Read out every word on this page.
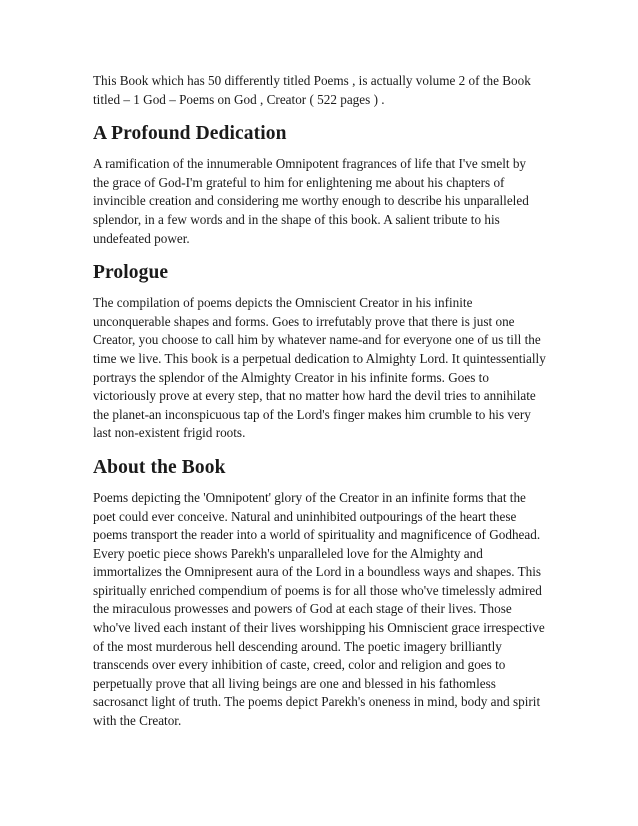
This Book which has 50 differently titled Poems , is actually volume 2 of the Book
titled – 1 God – Poems on God , Creator ( 522 pages ) .

A Profound Dedication

A ramification of the innumerable Omnipotent fragrances of life that I've smelt by
the grace of God-I'm grateful to him for enlightening me about his chapters of
invincible creation and considering me worthy enough to describe his unparalleled
splendor, in a few words and in the shape of this book. A salient tribute to his
undefeated power.

Prologue

The compilation of poems depicts the Omniscient Creator in his infinite
unconquerable shapes and forms. Goes to irrefutably prove that there is just one
Creator, you choose to call him by whatever name-and for everyone one of us till the
time we live. This book is a perpetual dedication to Almighty Lord. It quintessentially
portrays the splendor of the Almighty Creator in his infinite forms. Goes to
victoriously prove at every step, that no matter how hard the devil tries to annihilate
the planet-an inconspicuous tap of the Lord's finger makes him crumble to his very
last non-existent frigid roots.

About the Book

Poems depicting the 'Omnipotent' glory of the Creator in an infinite forms that the
poet could ever conceive. Natural and uninhibited outpourings of the heart these
poems transport the reader into a world of spirituality and magnificence of Godhead.
Every poetic piece shows Parekh's unparalleled love for the Almighty and
immortalizes the Omnipresent aura of the Lord in a boundless ways and shapes. This
spiritually enriched compendium of poems is for all those who've timelessly admired
the miraculous prowesses and powers of God at each stage of their lives. Those
who've lived each instant of their lives worshipping his Omniscient grace irrespective
of the most murderous hell descending around. The poetic imagery brilliantly
transcends over every inhibition of caste, creed, color and religion and goes to
perpetually prove that all living beings are one and blessed in his fathomless
sacrosanct light of truth. The poems depict Parekh's oneness in mind, body and spirit
with the Creator.
